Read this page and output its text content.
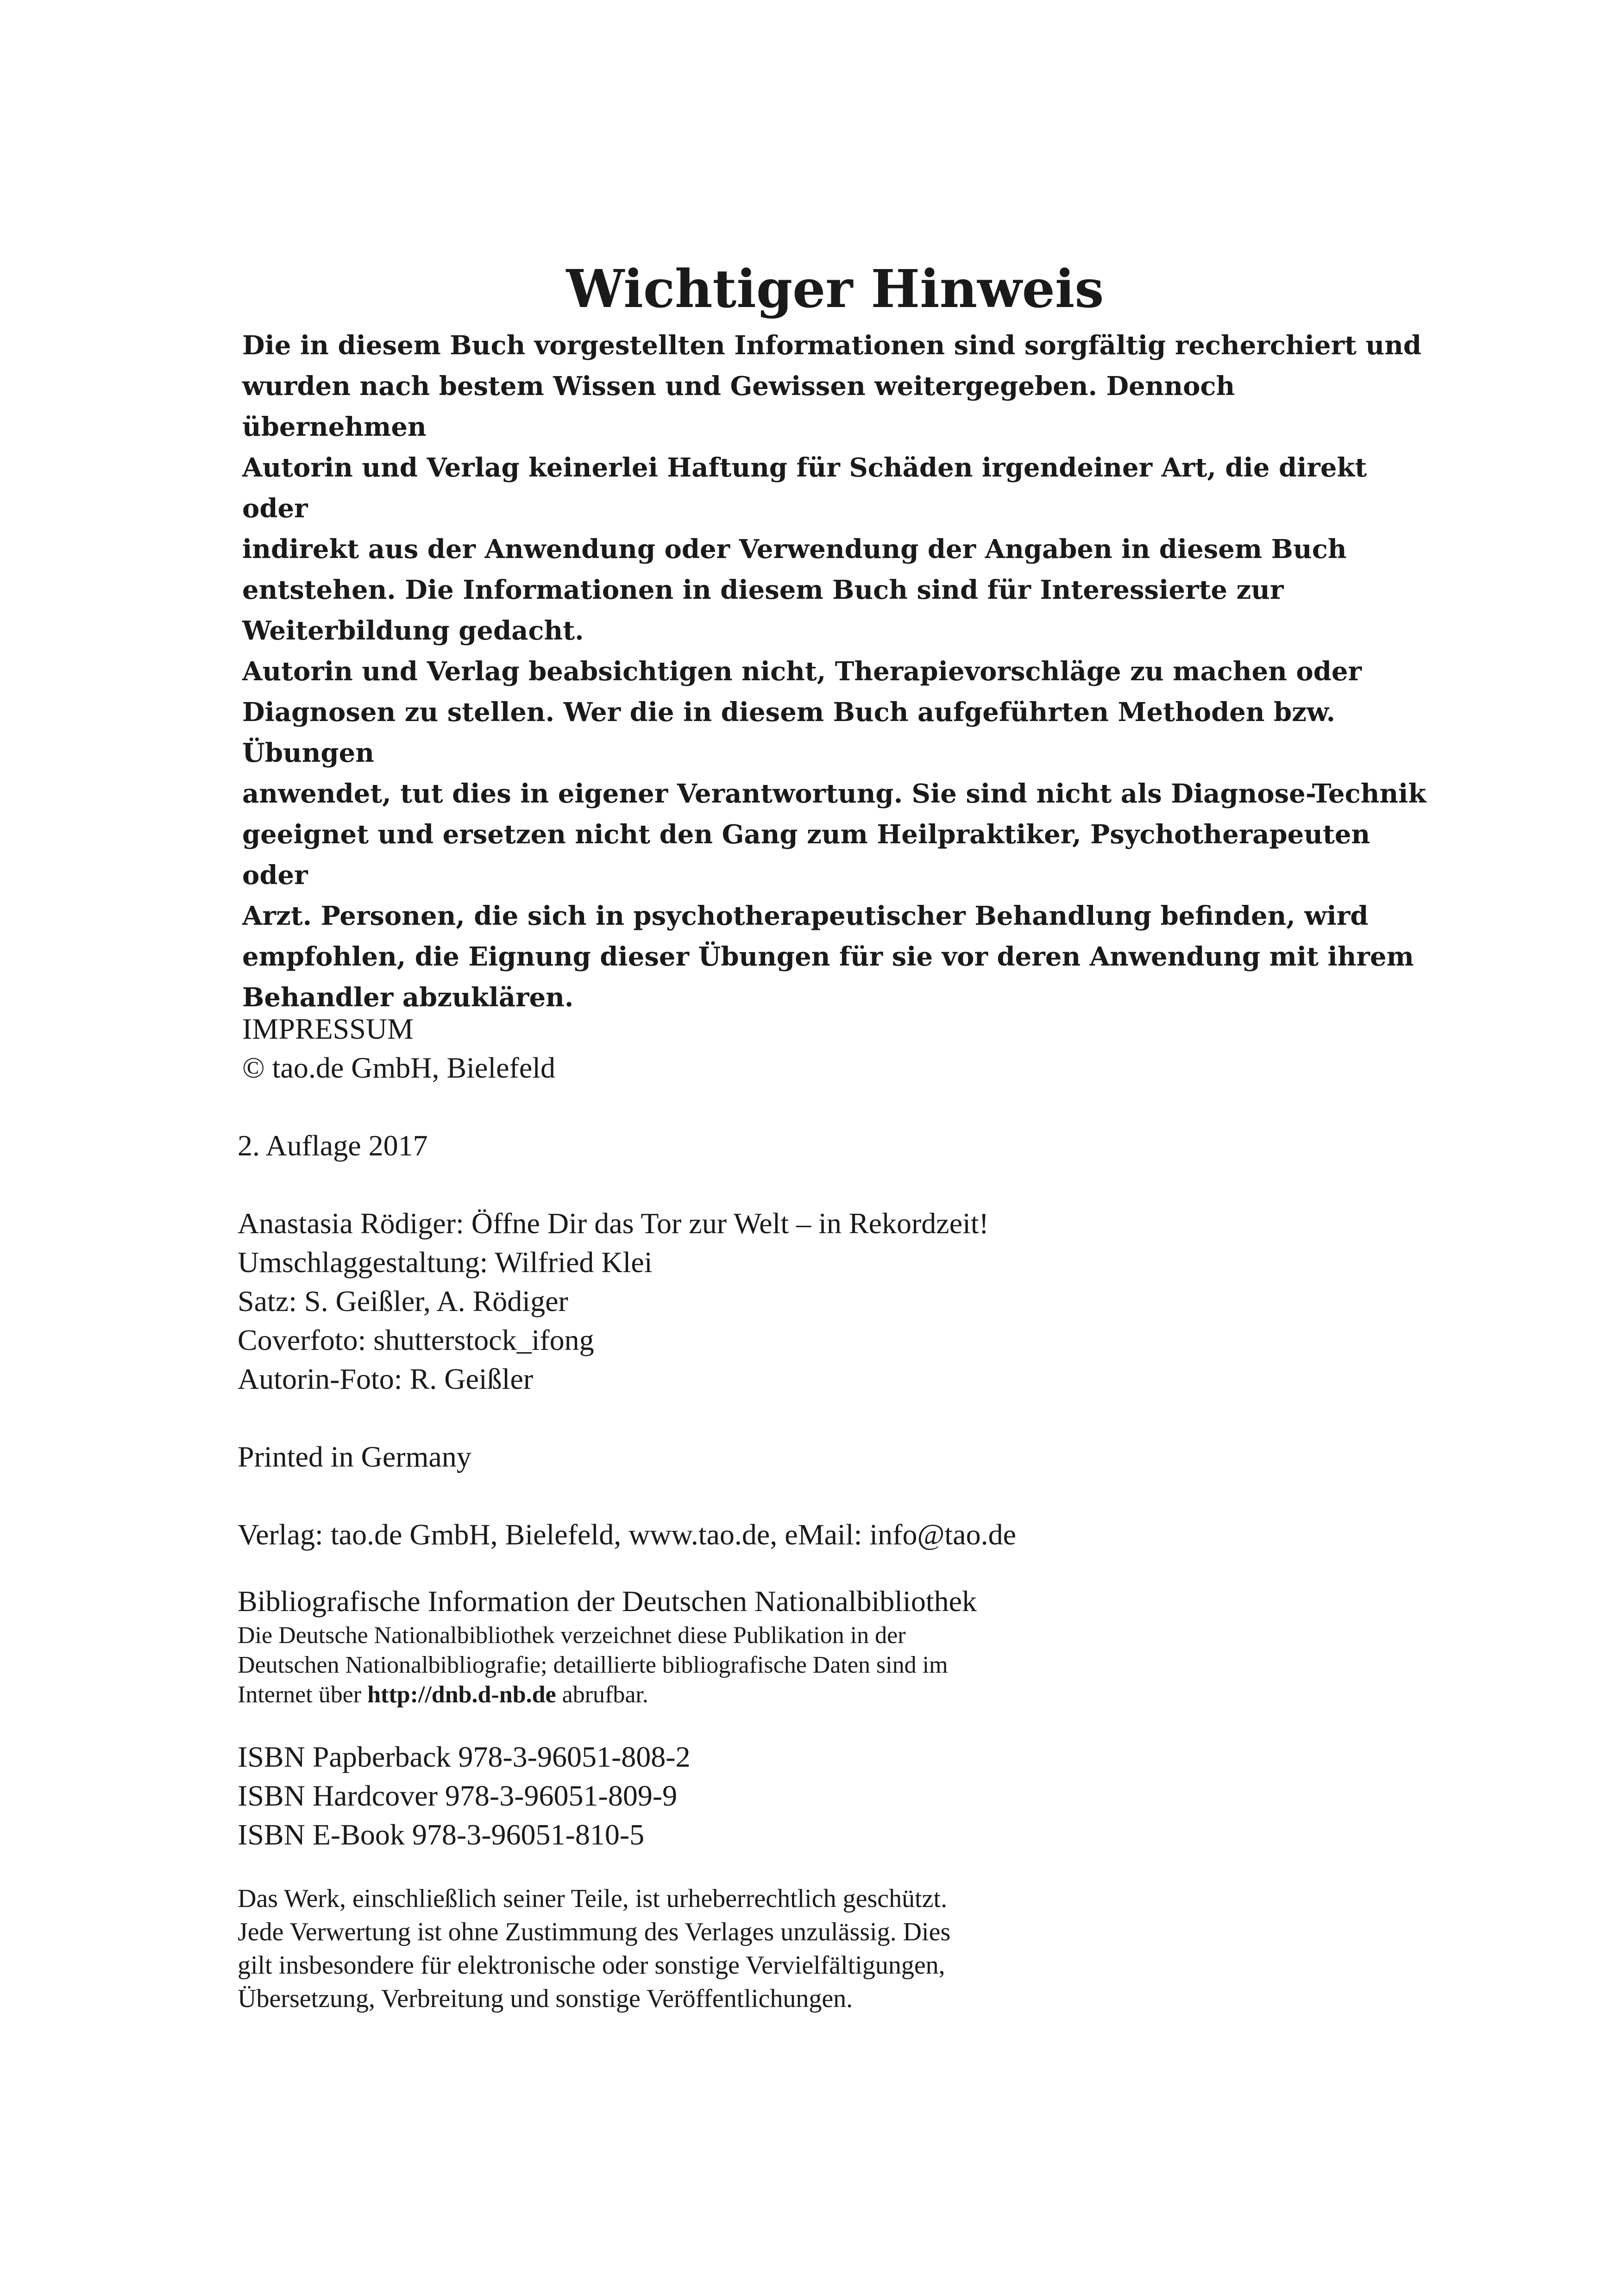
Wichtiger Hinweis

Die in diesem Buch vorgestellten Informationen sind sorgfältig recherchiert und
wurden nach bestem Wissen und Gewissen weitergegeben. Dennoch übernehmen
Autorin und Verlag keinerlei Haftung für Schäden irgendeiner Art, die direkt oder
indirekt aus der Anwendung oder Verwendung der Angaben in diesem Buch
entstehen. Die Informationen in diesem Buch sind für Interessierte zur
Weiterbildung gedacht.

Autorin und Verlag beabsichtigen nicht, Therapievorschläge zu machen oder
Diagnosen zu stellen. Wer die in diesem Buch aufgeführten Methoden bzw. Übungen
anwendet, tut dies in eigener Verantwortung. Sie sind nicht als Diagnose-Technik
geeignet und ersetzen nicht den Gang zum Heilpraktiker, Psychotherapeuten oder
Arzt. Personen, die sich in psychotherapeutischer Behandlung befinden, wird
empfohlen, die Eignung dieser Übungen für sie vor deren Anwendung mit ihrem
Behandler abzuklären.

IMPRESSUM

© tao.de GmbH, Bielefeld

2. Auflage 2017

Anastasia Rödiger: Öffne Dir das Tor zur Welt – in Rekordzeit!

Umschlaggestaltung: Wilfried Klei

Satz: S. Geißler, A. Rödiger

Coverfoto: shutterstock_ifong

Autorin-Foto: R. Geißler

Printed in Germany

Verlag: tao.de GmbH, Bielefeld, www.tao.de, eMail: info@tao.de

Bibliografische Information der Deutschen Nationalbibliothek

Die Deutsche Nationalbibliothek verzeichnet diese Publikation in der
Deutschen Nationalbibliografie; detaillierte bibliografische Daten sind im
Internet über http://dnb.d-nb.de abrufbar.

ISBN Papberback 978-3-96051-808-2

ISBN Hardcover 978-3-96051-809-9

ISBN E-Book 978-3-96051-810-5

Das Werk, einschließlich seiner Teile, ist urheberrechtlich geschützt.
Jede Verwertung ist ohne Zustimmung des Verlages unzulässig. Dies
gilt insbesondere für elektronische oder sonstige Vervielfältigungen,
Übersetzung, Verbreitung und sonstige Veröffentlichungen.
